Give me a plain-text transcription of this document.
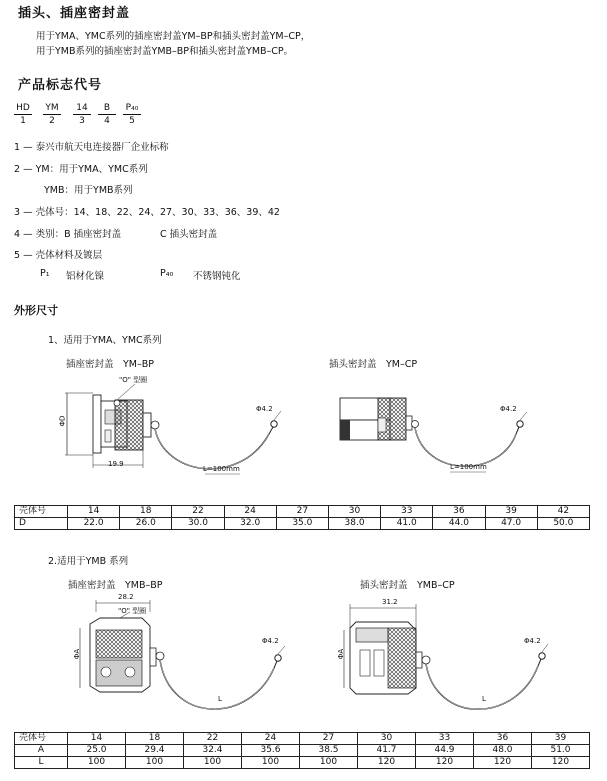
插头、插座密封盖
用于YMA、YMC系列的插座密封盖YM–BP和插头密封盖YM–CP，
用于YMB系列的插座密封盖YMB–BP和插头密封盖YMB–CP。
产品标志代号
HD
1
YM
2
14
3
B
4
P₄₀
5
1 — 泰兴市航天电连接器厂企业标称
2 — YM：用于YMA、YMC系列
YMB：用于YMB系列
3 — 壳体号：14、18、22、24、27、30、33、36、39、42
4 — 类别：B 插座密封盖	C 插头密封盖
5 — 壳体材料及镀层
P₁ 铝材化镍	P₄₀ 不锈钢钝化
外形尺寸
1、适用于YMA、YMC系列
插座密封盖　YM–BP	插头密封盖　YM–CP
"O" 型圈
ΦD
19.9
Φ4.2
L=100mm
Φ4.2
L=100mm
壳体号	14	18	22	24	27	30	33	36	39	42
D	22.0	26.0	30.0	32.0	35.0	38.0	41.0	44.0	47.0	50.0
2.适用于YMB 系列
插座密封盖　YMB–BP	插头密封盖　YMB–CP
28.2
"O" 型圈
ΦA
Φ4.2
L
31.2
ΦA
Φ4.2
L
壳体号	14	18	22	24	27	30	33	36	39
A	25.0	29.4	32.4	35.6	38.5	41.7	44.9	48.0	51.0
L	100	100	100	100	100	120	120	120	120
